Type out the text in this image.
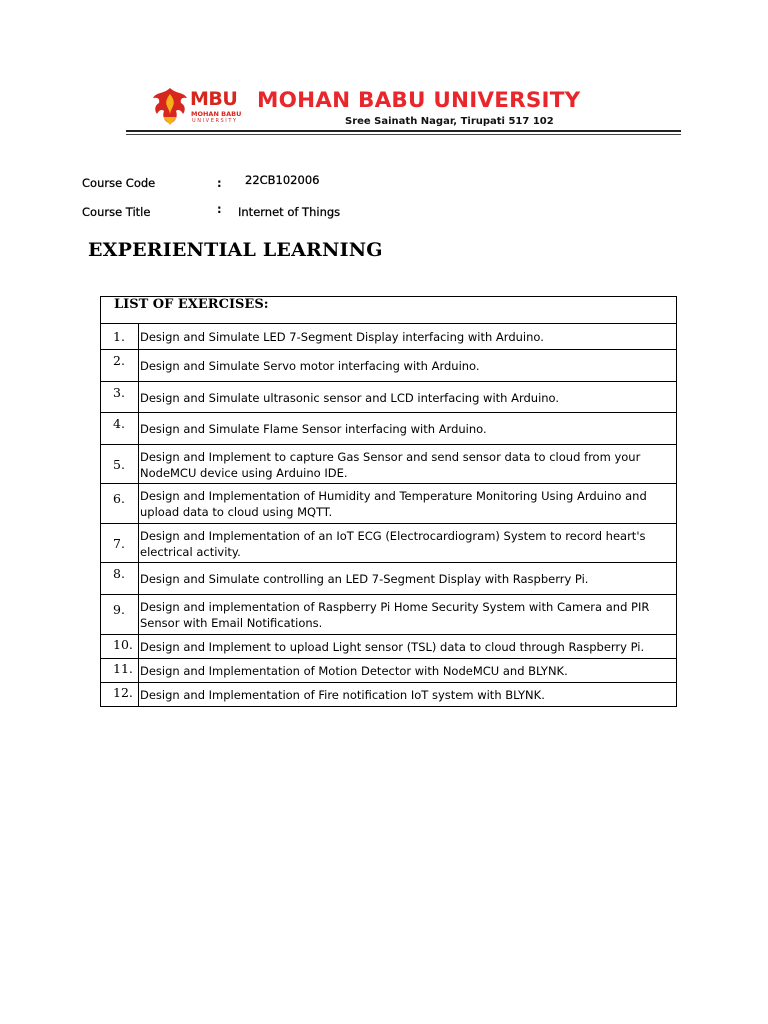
MBU
MOHAN BABU
UNIVERSITY
MOHAN BABU UNIVERSITY
Sree Sainath Nagar, Tirupati 517 102
Course Code	: 22CB102006
Course Title	: Internet of Things
EXPERIENTIAL LEARNING
LIST OF EXERCISES:	

1.	Design and Simulate LED 7-Segment Display interfacing with Arduino.
2.	Design and Simulate Servo motor interfacing with Arduino.
3.	Design and Simulate ultrasonic sensor and LCD interfacing with Arduino.
4.	Design and Simulate Flame Sensor interfacing with Arduino.
5.	Design and Implement to capture Gas Sensor and send sensor data to cloud from your NodeMCU device using Arduino IDE.
6.	Design and Implementation of Humidity and Temperature Monitoring Using Arduino and upload data to cloud using MQTT.
7.	Design and Implementation of an IoT ECG (Electrocardiogram) System to record heart's electrical activity.
8.	Design and Simulate controlling an LED 7-Segment Display with Raspberry Pi.
9.	Design and implementation of Raspberry Pi Home Security System with Camera and PIR Sensor with Email Notifications.
10.	Design and Implement to upload Light sensor (TSL) data to cloud through Raspberry Pi.
11.	Design and Implementation of Motion Detector with NodeMCU and BLYNK.
12.	Design and Implementation of Fire notification IoT system with BLYNK.
